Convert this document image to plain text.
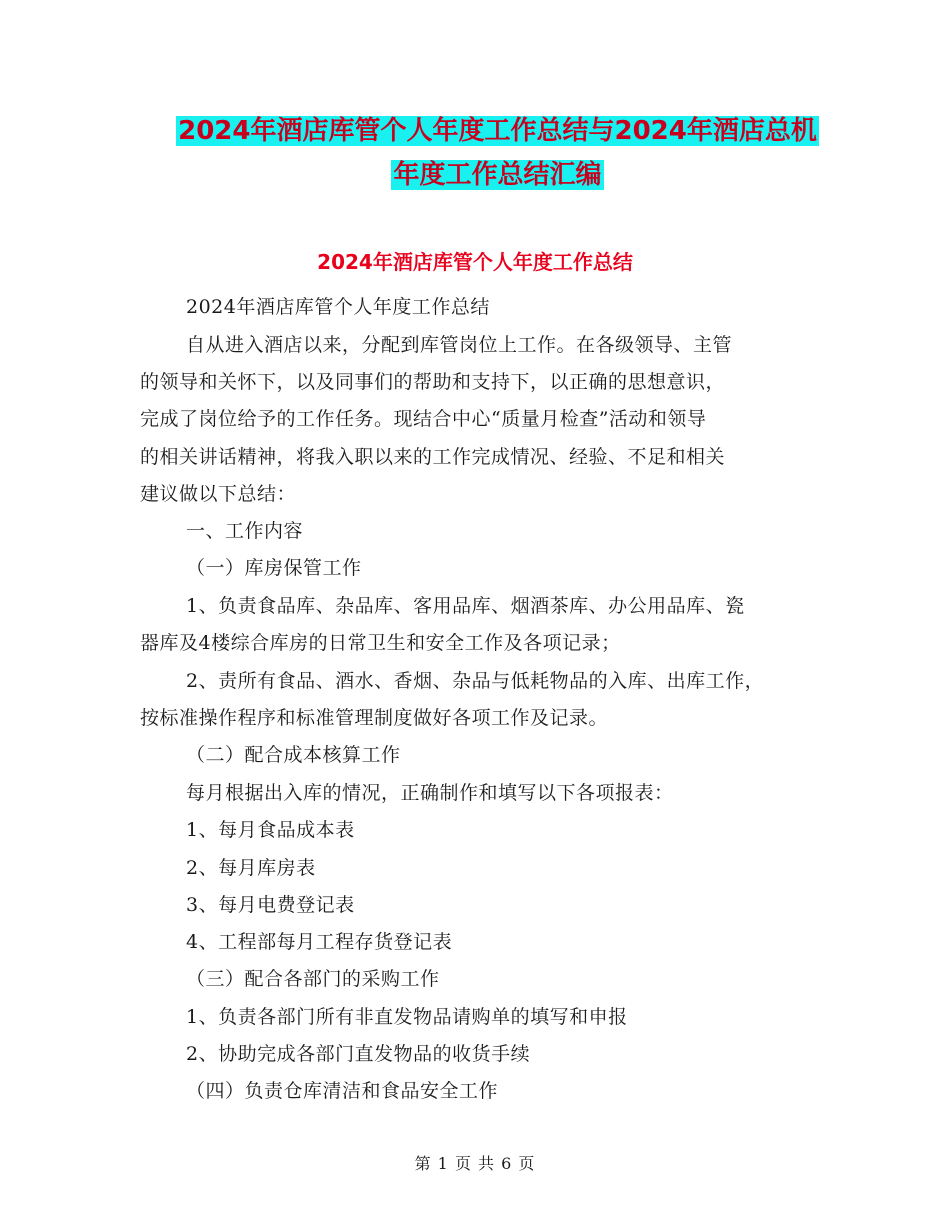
2024年酒店库管个人年度工作总结与2024年酒店总机
年度工作总结汇编
2024年酒店库管个人年度工作总结
2024年酒店库管个人年度工作总结
自从进入酒店以来，分配到库管岗位上工作。在各级领导、主管
的领导和关怀下，以及同事们的帮助和支持下，以正确的思想意识，
完成了岗位给予的工作任务。现结合中心“质量月检查”活动和领导
的相关讲话精神，将我入职以来的工作完成情况、经验、不足和相关
建议做以下总结：
一、工作内容
（一）库房保管工作
1、负责食品库、杂品库、客用品库、烟酒茶库、办公用品库、瓷
器库及4楼综合库房的日常卫生和安全工作及各项记录；
2、责所有食品、酒水、香烟、杂品与低耗物品的入库、出库工作，
按标准操作程序和标准管理制度做好各项工作及记录。
（二）配合成本核算工作
每月根据出入库的情况，正确制作和填写以下各项报表：
1、每月食品成本表
2、每月库房表
3、每月电费登记表
4、工程部每月工程存货登记表
（三）配合各部门的采购工作
1、负责各部门所有非直发物品请购单的填写和申报
2、协助完成各部门直发物品的收货手续
（四）负责仓库清洁和食品安全工作
第 1 页 共 6 页
